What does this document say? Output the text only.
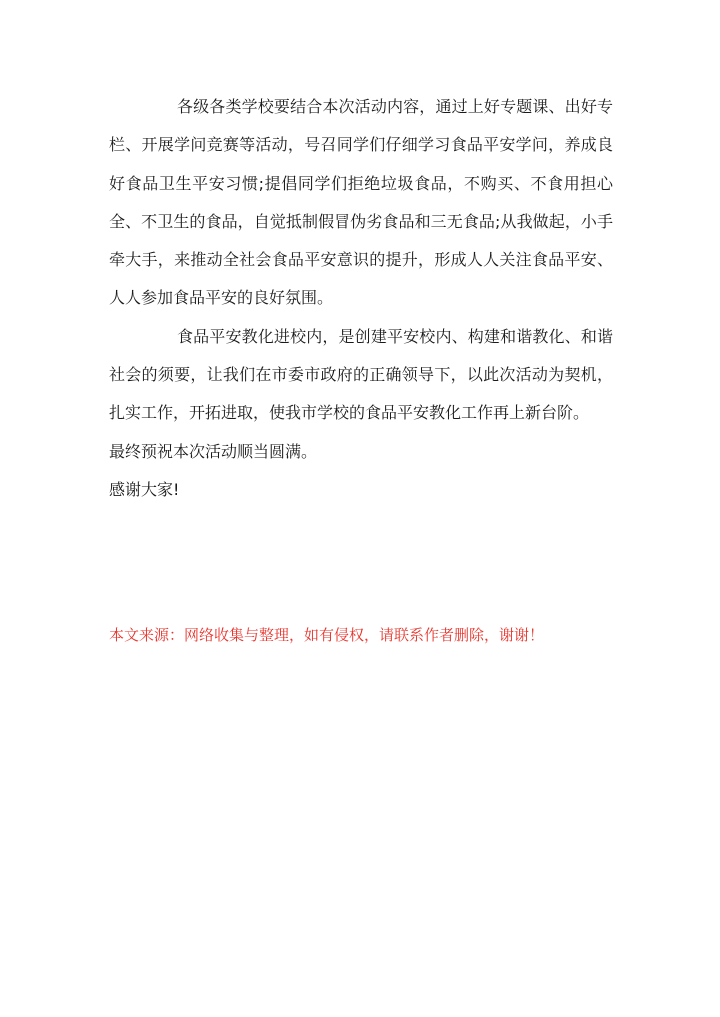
各级各类学校要结合本次活动内容，通过上好专题课、出好专栏、开展学问竞赛等活动，号召同学们仔细学习食品平安学问，养成良好食品卫生平安习惯;提倡同学们拒绝垃圾食品，不购买、不食用担心全、不卫生的食品，自觉抵制假冒伪劣食品和三无食品;从我做起，小手牵大手，来推动全社会食品平安意识的提升，形成人人关注食品平安、人人参加食品平安的良好氛围。

食品平安教化进校内，是创建平安校内、构建和谐教化、和谐社会的须要，让我们在市委市政府的正确领导下，以此次活动为契机，扎实工作，开拓进取，使我市学校的食品平安教化工作再上新台阶。

最终预祝本次活动顺当圆满。

感谢大家!

本文来源：网络收集与整理，如有侵权，请联系作者删除，谢谢！
